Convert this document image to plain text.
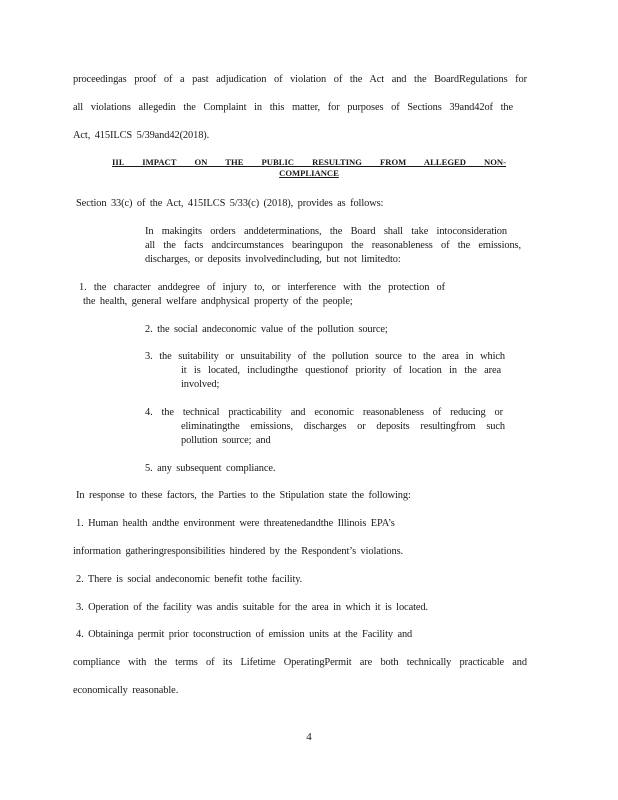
proceedingas proof of a past adjudication of violation of the Act and the BoardRegulations for
all violations allegedin the Complaint in this matter, for purposes of Sections 39and42of the
Act, 415ILCS 5/39and42(2018).
III. IMPACT ON THE PUBLIC RESULTING FROM ALLEGED NON-
COMPLIANCE
Section 33(c) of the Act, 415ILCS 5/33(c) (2018), provides as follows:
In makingits orders anddeterminations, the Board shall take intoconsideration
all the facts andcircumstances bearingupon the reasonableness of the emissions,
discharges, or deposits involvedincluding, but not limitedto:
1. the character anddegree of injury to, or interference with the protection of
the health, general welfare andphysical property of the people;
2. the social andeconomic value of the pollution source;
3. the suitability or unsuitability of the pollution source to the area in which
it is located, includingthe questionof priority of location in the area
involved;
4. the technical practicability and economic reasonableness of reducing or
eliminatingthe emissions, discharges or deposits resultingfrom such
pollution source; and
5. any subsequent compliance.
In response to these factors, the Parties to the Stipulation state the following:
1. Human health andthe environment were threatenedandthe Illinois EPA’s
information gatheringresponsibilities hindered by the Respondent’s violations.
2. There is social andeconomic benefit tothe facility.
3. Operation of the facility was andis suitable for the area in which it is located.
4. Obtaininga permit prior toconstruction of emission units at the Facility and
compliance with the terms of its Lifetime OperatingPermit are both technically practicable and
economically reasonable.
4
